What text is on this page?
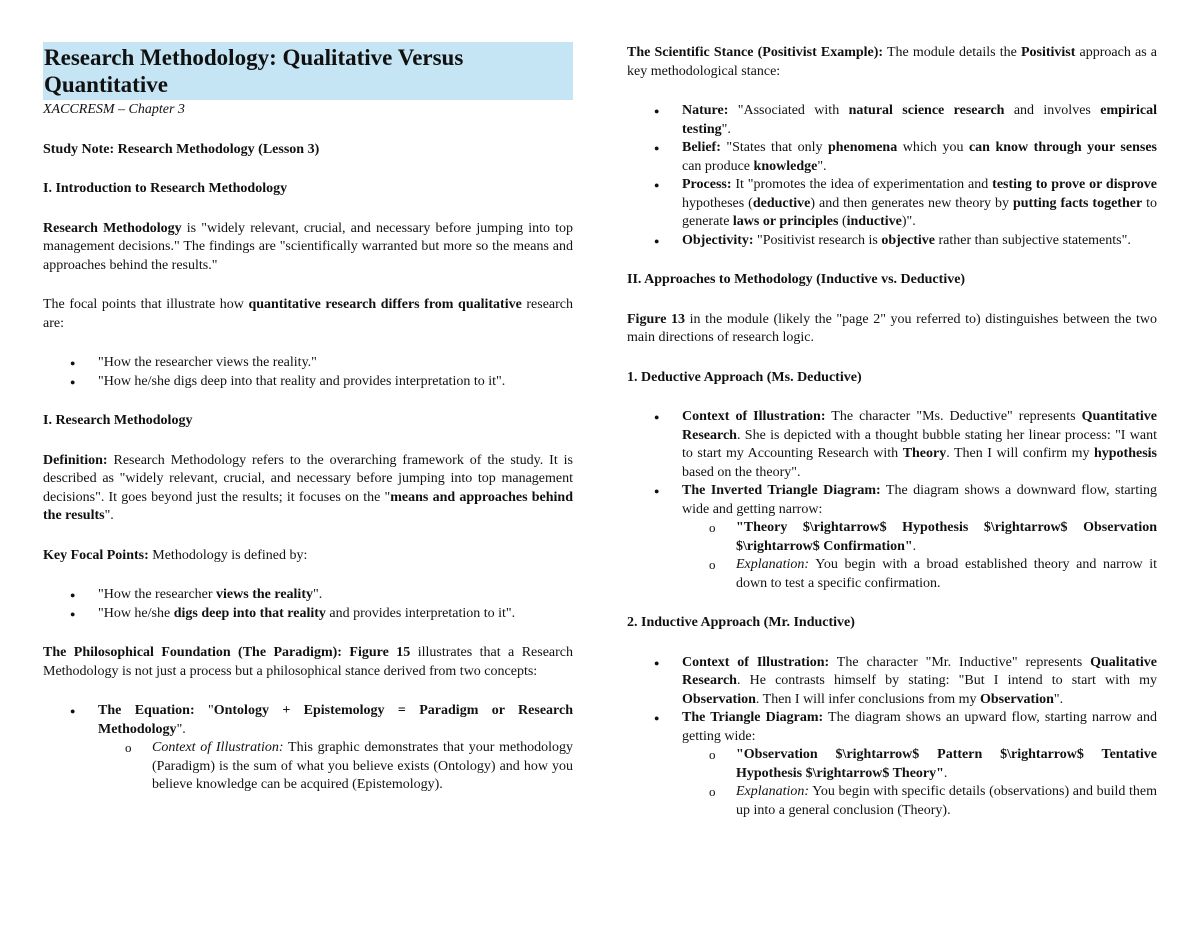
Research Methodology: Qualitative Versus Quantitative
XACCRESM – Chapter 3
Study Note: Research Methodology (Lesson 3)
I. Introduction to Research Methodology

Research Methodology is "widely relevant, crucial, and necessary before jumping into top management decisions." The findings are "scientifically warranted but more so the means and approaches behind the results."

The focal points that illustrate how quantitative research differs from qualitative research are:

● "How the researcher views the reality."
● "How he/she digs deep into that reality and provides interpretation to it".
I. Research Methodology

Definition: Research Methodology refers to the overarching framework of the study. It is described as "widely relevant, crucial, and necessary before jumping into top management decisions". It goes beyond just the results; it focuses on the "means and approaches behind the results".

Key Focal Points: Methodology is defined by:

● "How the researcher views the reality".
● "How he/she digs deep into that reality and provides interpretation to it".

The Philosophical Foundation (The Paradigm): Figure 15 illustrates that a Research Methodology is not just a process but a philosophical stance derived from two concepts:

● The Equation: "Ontology + Epistemology = Paradigm or Research Methodology".
o Context of Illustration: This graphic demonstrates that your methodology (Paradigm) is the sum of what you believe exists (Ontology) and how you believe knowledge can be acquired (Epistemology).

The Scientific Stance (Positivist Example): The module details the Positivist approach as a key methodological stance:

● Nature: "Associated with natural science research and involves empirical testing".
● Belief: "States that only phenomena which you can know through your senses can produce knowledge".
● Process: It "promotes the idea of experimentation and testing to prove or disprove hypotheses (deductive) and then generates new theory by putting facts together to generate laws or principles (inductive)".
● Objectivity: "Positivist research is objective rather than subjective statements".
II. Approaches to Methodology (Inductive vs. Deductive)

Figure 13 in the module (likely the "page 2" you referred to) distinguishes between the two main directions of research logic.

1. Deductive Approach (Ms. Deductive)
● Context of Illustration: The character "Ms. Deductive" represents Quantitative Research. She is depicted with a thought bubble stating her linear process: "I want to start my Accounting Research with Theory. Then I will confirm my hypothesis based on the theory".
● The Inverted Triangle Diagram: The diagram shows a downward flow, starting wide and getting narrow:
o "Theory $\rightarrow$ Hypothesis $\rightarrow$ Observation $\rightarrow$ Confirmation".
o Explanation: You begin with a broad established theory and narrow it down to test a specific confirmation.
2. Inductive Approach (Mr. Inductive)
● Context of Illustration: The character "Mr. Inductive" represents Qualitative Research. He contrasts himself by stating: "But I intend to start with my Observation. Then I will infer conclusions from my Observation".
● The Triangle Diagram: The diagram shows an upward flow, starting narrow and getting wide:
o "Observation $\rightarrow$ Pattern $\rightarrow$ Tentative Hypothesis $\rightarrow$ Theory".
o Explanation: You begin with specific details (observations) and build them up into a general conclusion (Theory).
